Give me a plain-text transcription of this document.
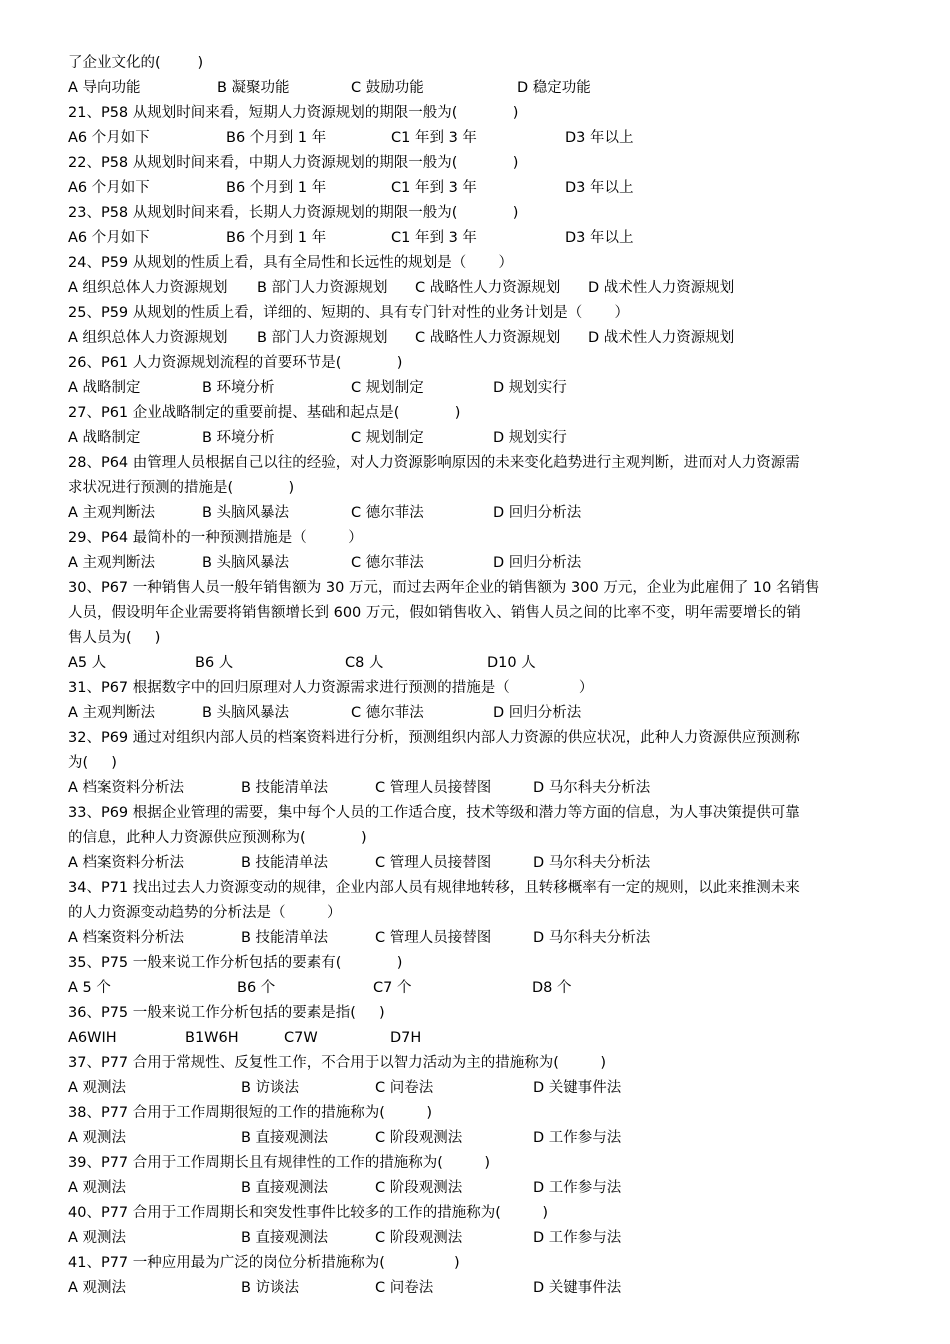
了企业文化的(        )
A 导向功能	B 凝聚功能	C 鼓励功能	D 稳定功能
21、P58 从规划时间来看，短期人力资源规划的期限一般为(            )
A6 个月如下	B6 个月到 1 年	C1 年到 3 年	D3 年以上
22、P58 从规划时间来看，中期人力资源规划的期限一般为(            )
A6 个月如下	B6 个月到 1 年	C1 年到 3 年	D3 年以上
23、P58 从规划时间来看，长期人力资源规划的期限一般为(            )
A6 个月如下	B6 个月到 1 年	C1 年到 3 年	D3 年以上
24、P59 从规划的性质上看，具有全局性和长远性的规划是（       ）
A 组织总体人力资源规划 B 部门人力资源规划 C 战略性人力资源规划 D 战术性人力资源规划
25、P59 从规划的性质上看，详细的、短期的、具有专门针对性的业务计划是（       ）
A 组织总体人力资源规划 B 部门人力资源规划 C 战略性人力资源规划 D 战术性人力资源规划
26、P61 人力资源规划流程的首要环节是(            )
A 战略制定	B 环境分析	C 规划制定	D 规划实行
27、P61 企业战略制定的重要前提、基础和起点是(            )
A 战略制定	B 环境分析	C 规划制定	D 规划实行
28、P64 由管理人员根据自己以往的经验，对人力资源影响原因的未来变化趋势进行主观判断，进而对人力资源需
求状况进行预测的措施是(            )
A 主观判断法	B 头脑风暴法	C 德尔菲法	D 回归分析法
29、P64 最简朴的一种预测措施是（         ）
A 主观判断法	B 头脑风暴法	C 德尔菲法	D 回归分析法
30、P67 一种销售人员一般年销售额为 30 万元，而过去两年企业的销售额为 300 万元，企业为此雇佣了 10 名销售
人员，假设明年企业需要将销售额增长到 600 万元，假如销售收入、销售人员之间的比率不变，明年需要增长的销
售人员为(     )
A5 人	B6 人	C8 人	D10 人
31、P67 根据数字中的回归原理对人力资源需求进行预测的措施是（               ）
A 主观判断法	B 头脑风暴法	C 德尔菲法	D 回归分析法
32、P69 通过对组织内部人员的档案资料进行分析，预测组织内部人力资源的供应状况，此种人力资源供应预测称
为(     )
A 档案资料分析法	B 技能清单法	C 管理人员接替图	D 马尔科夫分析法
33、P69 根据企业管理的需要，集中每个人员的工作适合度，技术等级和潜力等方面的信息，为人事决策提供可靠
的信息，此种人力资源供应预测称为(            )
A 档案资料分析法	B 技能清单法	C 管理人员接替图	D 马尔科夫分析法
34、P71 找出过去人力资源变动的规律，企业内部人员有规律地转移，且转移概率有一定的规则，以此来推测未来
的人力资源变动趋势的分析法是（         ）
A 档案资料分析法	B 技能清单法	C 管理人员接替图	D 马尔科夫分析法
35、P75 一般来说工作分析包括的要素有(            )
A 5 个	B6 个	C7 个	D8 个
36、P75 一般来说工作分析包括的要素是指(     )
A6WIH	B1W6H	C7W	D7H
37、P77 合用于常规性、反复性工作，不合用于以智力活动为主的措施称为(         )
A 观测法	B 访谈法	C 问卷法	D 关键事件法
38、P77 合用于工作周期很短的工作的措施称为(         )
A 观测法	B 直接观测法	C 阶段观测法	D 工作参与法
39、P77 合用于工作周期长且有规律性的工作的措施称为(         )
A 观测法	B 直接观测法	C 阶段观测法	D 工作参与法
40、P77 合用于工作周期长和突发性事件比较多的工作的措施称为(         )
A 观测法	B 直接观测法	C 阶段观测法	D 工作参与法
41、P77 一种应用最为广泛的岗位分析措施称为(               )
A 观测法	B 访谈法	C 问卷法	D 关键事件法
